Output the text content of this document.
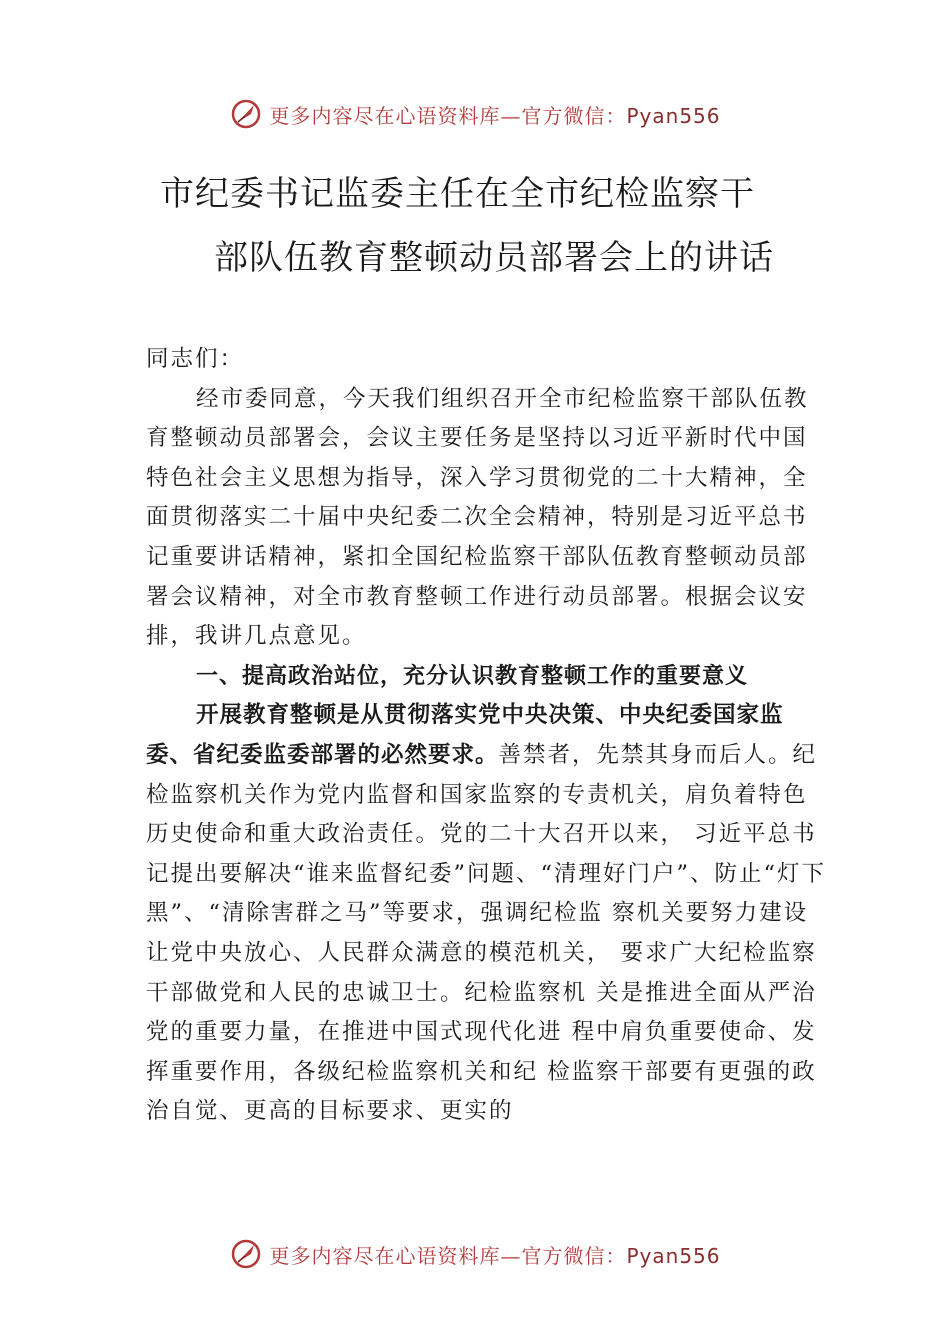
更多内容尽在心语资料库—官方微信：Pyan556
市纪委书记监委主任在全市纪检监察干
部队伍教育整顿动员部署会上的讲话

同志们：

经市委同意，今天我们组织召开全市纪检监察干部队伍教育整顿动员部署会，会议主要任务是坚持以习近平新时代中国特色社会主义思想为指导，深入学习贯彻党的二十大精神，全面贯彻落实二十届中央纪委二次全会精神，特别是习近平总书记重要讲话精神，紧扣全国纪检监察干部队伍教育整顿动员部署会议精神，对全市教育整顿工作进行动员部署。根据会议安排，我讲几点意见。

一、提高政治站位，充分认识教育整顿工作的重要意义

开展教育整顿是从贯彻落实党中央决策、中央纪委国家监委、省纪委监委部署的必然要求。善禁者，先禁其身而后人。纪检监察机关作为党内监督和国家监察的专责机关，肩负着特色历史使命和重大政治责任。党的二十大召开以来， 习近平总书记提出要解决“谁来监督纪委”问题、“清理好门户”、防止“灯下黑”、“清除害群之马”等要求，强调纪检监 察机关要努力建设让党中央放心、人民群众满意的模范机关， 要求广大纪检监察干部做党和人民的忠诚卫士。纪检监察机 关是推进全面从严治党的重要力量，在推进中国式现代化进 程中肩负重要使命、发挥重要作用，各级纪检监察机关和纪 检监察干部要有更强的政治自觉、更高的目标要求、更实的

更多内容尽在心语资料库—官方微信：Pyan556
